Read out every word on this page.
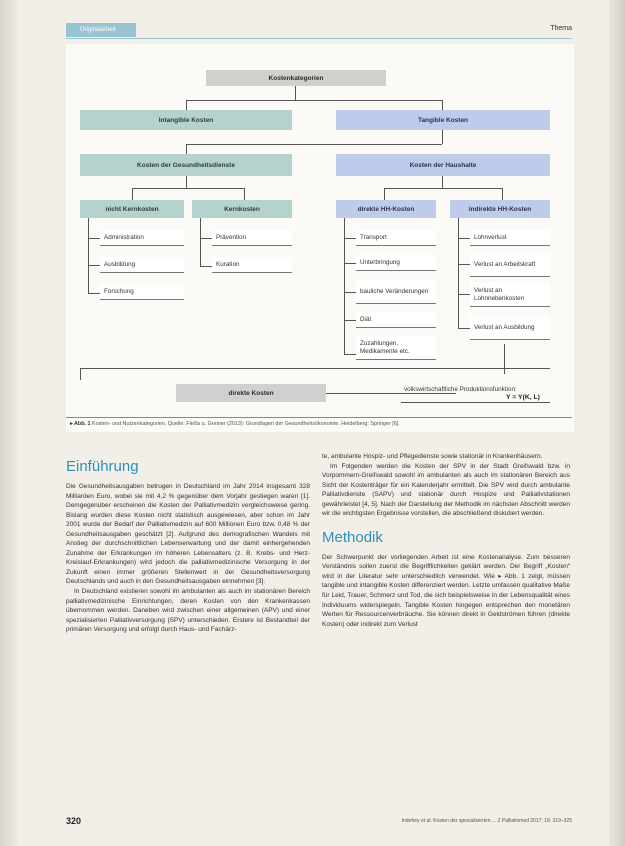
Originalarbeit	Thema
Kostenkategorien
Intangible Kosten	Tangible Kosten
Kosten der Gesundheitsdienste	Kosten der Haushalte
nicht Kernkosten	Kernkosten	direkte HH-Kosten	indirekte HH-Kosten
Administration
Ausbildung
Forschung
Prävention
Kuration
Transport
Unterbringung
bauliche Veränderungen
Diät
Zuzahlungen, Medikamente etc.
Lohnverlust
Verlust an Arbeitskraft
Verlust an Lohnnebenkosten
Verlust an Ausbildung
direkte Kosten	volkswirtschaftliche Produktionsfunktion:
Y = Y(K, L)
▸ Abb. 1 Kosten- und Nutzenkategorien. Quelle: Fleßa u. Greiner (2013): Grundlagen der Gesundheitsökonomie. Heidelberg: Springer [6].
Einführung

Die Gesundheitsausgaben betrugen in Deutschland im Jahr 2014 insgesamt 328 Milliarden Euro, wobei sie mit 4,2 % gegenüber dem Vorjahr gestiegen waren [1]. Demgegenüber erscheinen die Kosten der Palliativmedizin vergleichsweise gering. Bislang wurden diese Kosten nicht statistisch ausgewiesen, aber schon im Jahr 2001 wurde der Bedarf der Palliativmedizin auf 600 Millionen Euro bzw. 0,48 % der Gesundheitsausgaben geschätzt [2]. Aufgrund des demografischen Wandels mit Anstieg der durchschnittlichen Lebenserwartung und der damit einhergehenden Zunahme der Erkrankungen im höheren Lebensalters (z. B. Krebs- und Herz-Kreislauf-Erkrankungen) wird jedoch die palliativmedizinische Versorgung in der Zukunft einen immer größeren Stellenwert in der Gesundheitsversorgung Deutschlands und auch in den Gesundheitsausgaben einnehmen [3].

In Deutschland existieren sowohl im ambulanten als auch im stationären Bereich palliativmedizinische Einrichtungen, deren Kosten von den Krankenkassen übernommen werden. Daneben wird zwischen einer allgemeinen (APV) und einer spezialisierten Palliativversorgung (SPV) unterschieden. Erstere ist Bestandteil der primären Versorgung und erfolgt durch Haus- und Fachärz-

te, ambulante Hospiz- und Pflegedienste sowie stationär in Krankenhäusern.

Im Folgenden werden die Kosten der SPV in der Stadt Greifswald bzw. in Vorpommern-Greifswald sowohl im ambulanten als auch im stationären Bereich aus Sicht der Kostenträger für ein Kalenderjahr ermittelt. Die SPV wird durch ambulante Palliativdienste (SAPV) und stationär durch Hospize und Palliativstationen gewährleistet [4, 5]. Nach der Darstellung der Methodik im nächsten Abschnitt werden wir die wichtigsten Ergebnisse vorstellen, die abschließend diskutiert werden.

Methodik

Der Schwerpunkt der vorliegenden Arbeit ist eine Kostenanalyse. Zum besseren Verständnis sollen zuerst die Begrifflichkeiten geklärt werden. Der Begriff „Kosten“ wird in der Literatur sehr unterschiedlich verwendet. Wie ▸ Abb. 1 zeigt, müssen tangible und intangible Kosten differenziert werden. Letzte umfassen qualitative Maße für Leid, Trauer, Schmerz und Tod, die sich beispielsweise in der Lebensqualität eines Individuums widerspiegeln. Tangible Kosten hingegen entsprechen den monetären Werten für Ressourcenverbräuche. Sie können direkt in Geldströmen führen (direkte Kosten) oder indirekt zum Verlust

320	Indefrey et al. Kosten der spezialisierten ... Z Palliativmed 2017; 18: 319–325
